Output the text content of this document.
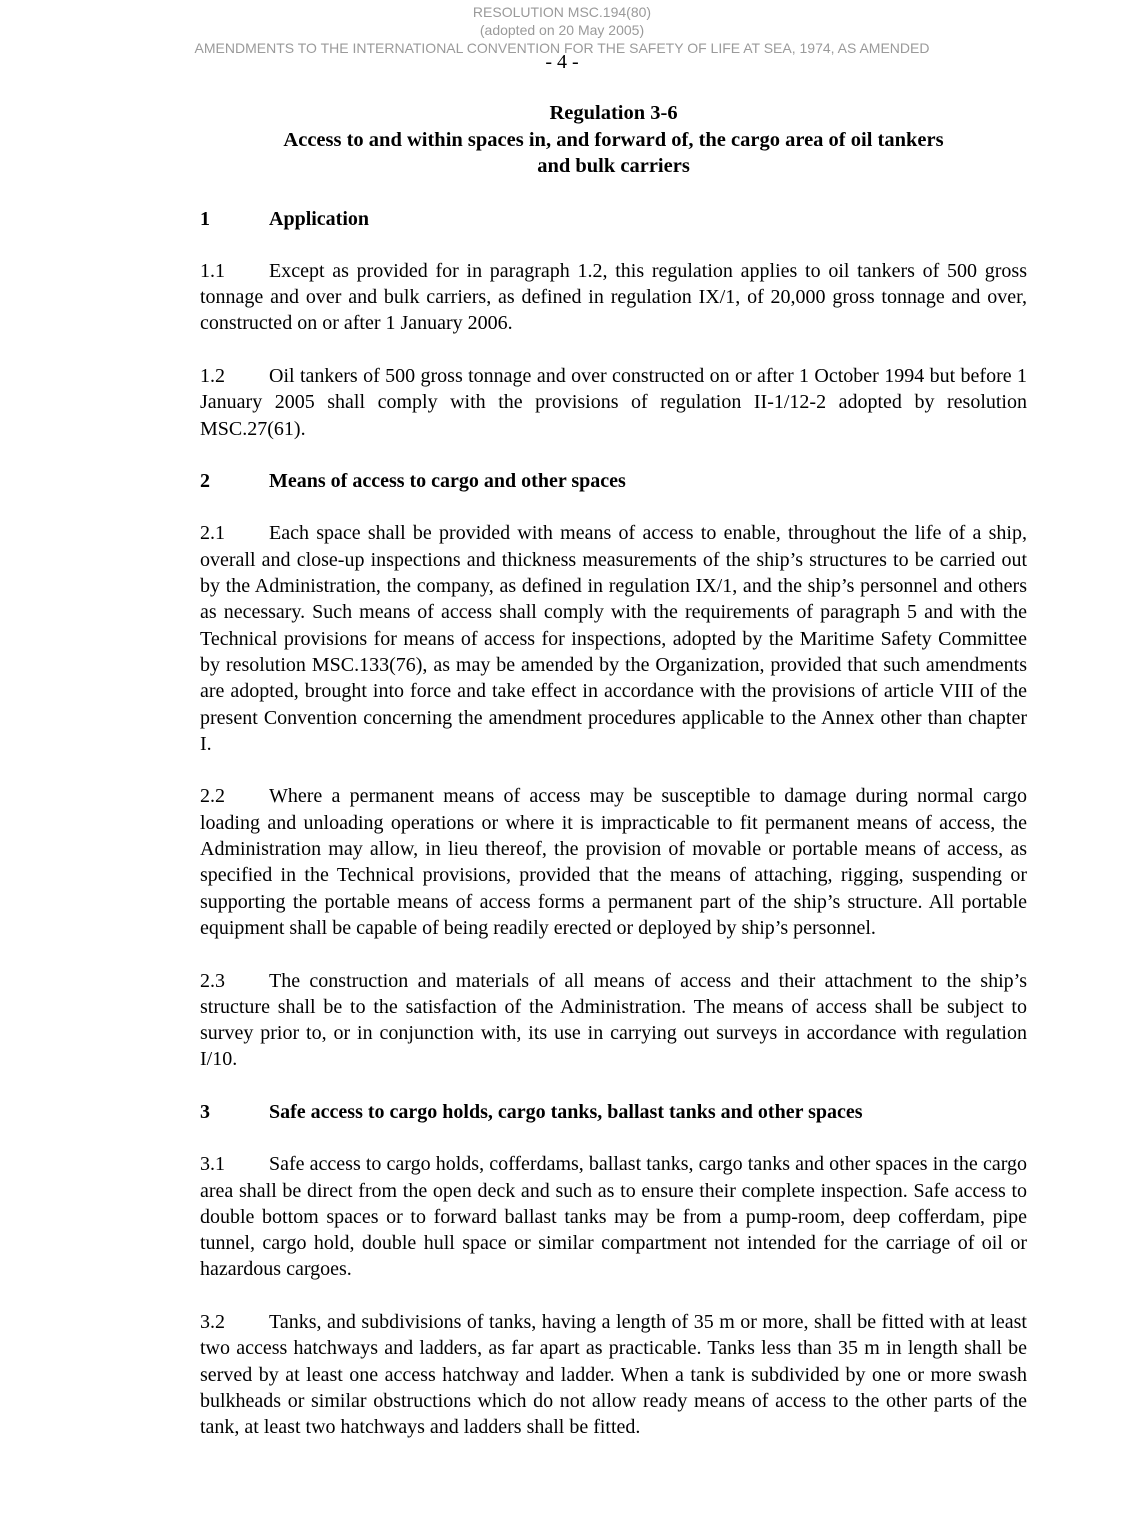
RESOLUTION MSC.194(80)
(adopted on 20 May 2005)
AMENDMENTS TO THE INTERNATIONAL CONVENTION FOR THE SAFETY OF LIFE AT SEA, 1974, AS AMENDED
- 4 -
Regulation 3-6
Access to and within spaces in, and forward of, the cargo area of oil tankers
and bulk carriers
1	Application
1.1 Except as provided for in paragraph 1.2, this regulation applies to oil tankers of 500 gross tonnage and over and bulk carriers, as defined in regulation IX/1, of 20,000 gross tonnage and over, constructed on or after 1 January 2006.
1.2 Oil tankers of 500 gross tonnage and over constructed on or after 1 October 1994 but before 1 January 2005 shall comply with the provisions of regulation II-1/12-2 adopted by resolution MSC.27(61).
2	Means of access to cargo and other spaces
2.1 Each space shall be provided with means of access to enable, throughout the life of a ship, overall and close-up inspections and thickness measurements of the ship’s structures to be carried out by the Administration, the company, as defined in regulation IX/1, and the ship’s personnel and others as necessary. Such means of access shall comply with the requirements of paragraph 5 and with the Technical provisions for means of access for inspections, adopted by the Maritime Safety Committee by resolution MSC.133(76), as may be amended by the Organization, provided that such amendments are adopted, brought into force and take effect in accordance with the provisions of article VIII of the present Convention concerning the amendment procedures applicable to the Annex other than chapter I.
2.2 Where a permanent means of access may be susceptible to damage during normal cargo loading and unloading operations or where it is impracticable to fit permanent means of access, the Administration may allow, in lieu thereof, the provision of movable or portable means of access, as specified in the Technical provisions, provided that the means of attaching, rigging, suspending or supporting the portable means of access forms a permanent part of the ship’s structure. All portable equipment shall be capable of being readily erected or deployed by ship’s personnel.
2.3 The construction and materials of all means of access and their attachment to the ship’s structure shall be to the satisfaction of the Administration. The means of access shall be subject to survey prior to, or in conjunction with, its use in carrying out surveys in accordance with regulation I/10.
3	Safe access to cargo holds, cargo tanks, ballast tanks and other spaces
3.1 Safe access to cargo holds, cofferdams, ballast tanks, cargo tanks and other spaces in the cargo area shall be direct from the open deck and such as to ensure their complete inspection. Safe access to double bottom spaces or to forward ballast tanks may be from a pump-room, deep cofferdam, pipe tunnel, cargo hold, double hull space or similar compartment not intended for the carriage of oil or hazardous cargoes.
3.2 Tanks, and subdivisions of tanks, having a length of 35 m or more, shall be fitted with at least two access hatchways and ladders, as far apart as practicable. Tanks less than 35 m in length shall be served by at least one access hatchway and ladder. When a tank is subdivided by one or more swash bulkheads or similar obstructions which do not allow ready means of access to the other parts of the tank, at least two hatchways and ladders shall be fitted.
